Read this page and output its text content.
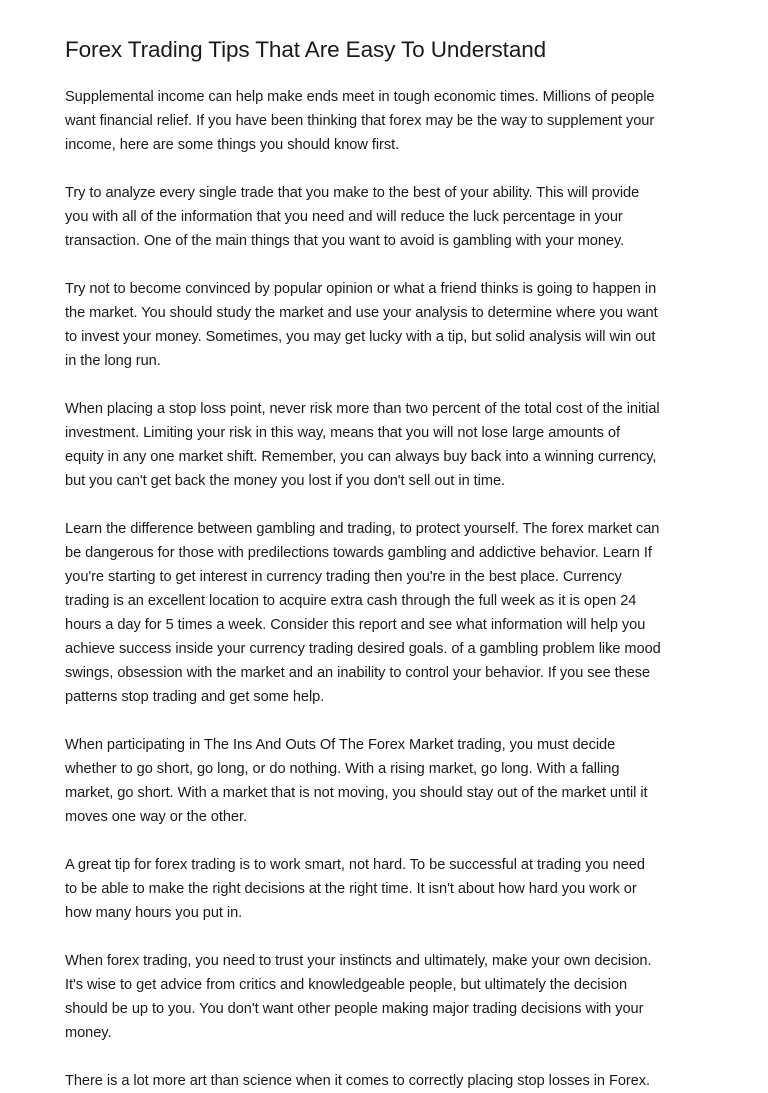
Forex Trading Tips That Are Easy To Understand

Supplemental income can help make ends meet in tough economic times. Millions of people
want financial relief. If you have been thinking that forex may be the way to supplement your
income, here are some things you should know first.

Try to analyze every single trade that you make to the best of your ability. This will provide
you with all of the information that you need and will reduce the luck percentage in your
transaction. One of the main things that you want to avoid is gambling with your money.

Try not to become convinced by popular opinion or what a friend thinks is going to happen in
the market. You should study the market and use your analysis to determine where you want
to invest your money. Sometimes, you may get lucky with a tip, but solid analysis will win out
in the long run.

When placing a stop loss point, never risk more than two percent of the total cost of the initial
investment. Limiting your risk in this way, means that you will not lose large amounts of
equity in any one market shift. Remember, you can always buy back into a winning currency,
but you can't get back the money you lost if you don't sell out in time.

Learn the difference between gambling and trading, to protect yourself. The forex market can
be dangerous for those with predilections towards gambling and addictive behavior. Learn If
you're starting to get interest in currency trading then you're in the best place. Currency
trading is an excellent location to acquire extra cash through the full week as it is open 24
hours a day for 5 times a week. Consider this report and see what information will help you
achieve success inside your currency trading desired goals. of a gambling problem like mood
swings, obsession with the market and an inability to control your behavior. If you see these
patterns stop trading and get some help.

When participating in The Ins And Outs Of The Forex Market trading, you must decide
whether to go short, go long, or do nothing. With a rising market, go long. With a falling
market, go short. With a market that is not moving, you should stay out of the market until it
moves one way or the other.

A great tip for forex trading is to work smart, not hard. To be successful at trading you need
to be able to make the right decisions at the right time. It isn't about how hard you work or
how many hours you put in.

When forex trading, you need to trust your instincts and ultimately, make your own decision.
It's wise to get advice from critics and knowledgeable people, but ultimately the decision
should be up to you. You don't want other people making major trading decisions with your
money.

There is a lot more art than science when it comes to correctly placing stop losses in Forex.
